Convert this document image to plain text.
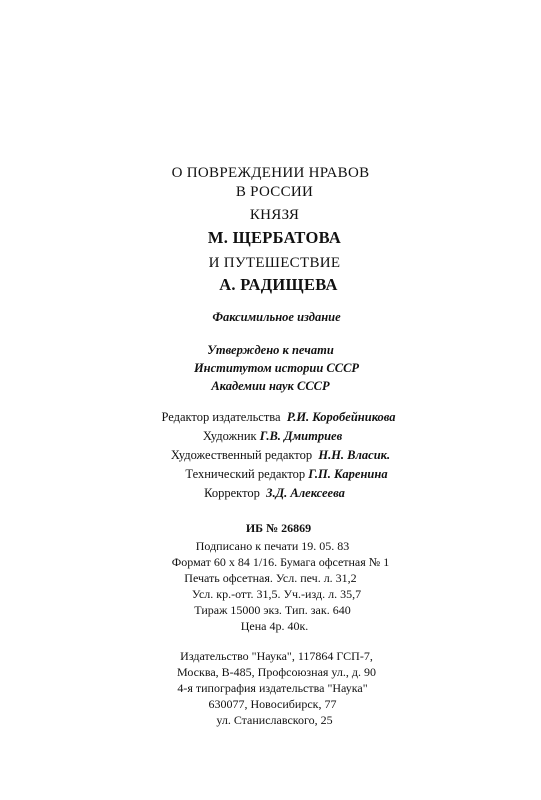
О ПОВРЕЖДЕНИИ НРАВОВ
В РОССИИ
КНЯЗЯ
М. ЩЕРБАТОВА
И ПУТЕШЕСТВИЕ
А. РАДИЩЕВА
Факсимильное издание
Утверждено к печати
Институтом истории СССР
Академии наук СССР
Редактор издательства Р.И. Коробейникова
Художник Г.В. Дмитриев
Художественный редактор Н.Н. Власик.
Технический редактор Г.П. Каренина
Корректор З.Д. Алексеева
ИБ № 26869
Подписано к печати 19. 05. 83
Формат 60 х 84 1/16. Бумага офсетная № 1
Печать офсетная. Усл. печ. л. 31,2
Усл. кр.-отт. 31,5. Уч.-изд. л. 35,7
Тираж 15000 экз. Тип. зак. 640
Цена 4р. 40к.
Издательство "Наука", 117864 ГСП-7,
Москва, В-485, Профсоюзная ул., д. 90
4-я типография издательства "Наука"
630077, Новосибирск, 77
ул. Станиславского, 25
